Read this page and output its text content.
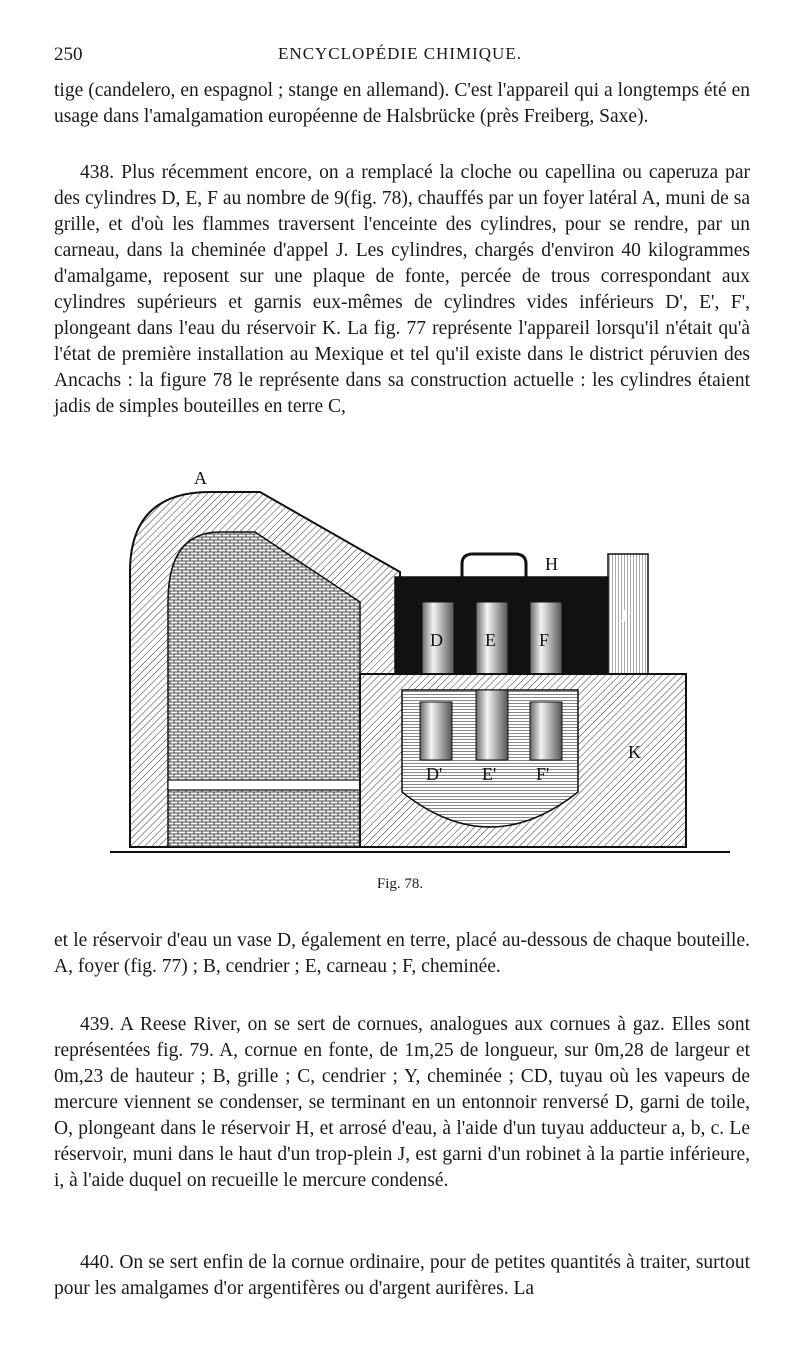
250	ENCYCLOPÉDIE CHIMIQUE.

tige (candelero, en espagnol ; stange en allemand). C'est l'appareil qui a longtemps été en usage dans l'amalgamation européenne de Halsbrücke (près Freiberg, Saxe).

438. Plus récemment encore, on a remplacé la cloche ou capellina ou caperuza par des cylindres D, E, F au nombre de 9(fig. 78), chauffés par un foyer latéral A, muni de sa grille, et d'où les flammes traversent l'enceinte des cylindres, pour se rendre, par un carneau, dans la cheminée d'appel J. Les cylindres, chargés d'environ 40 kilogrammes d'amalgame, reposent sur une plaque de fonte, percée de trous correspondant aux cylindres supérieurs et garnis eux-mêmes de cylindres vides inférieurs D', E', F', plongeant dans l'eau du réservoir K. La fig. 77 représente l'appareil lorsqu'il n'était qu'à l'état de première installation au Mexique et tel qu'il existe dans le district péruvien des Ancachs : la figure 78 le représente dans sa construction actuelle : les cylindres étaient jadis de simples bouteilles en terre C,

A
H
J
K
D E F
D' E' F'
Fig. 78.

et le réservoir d'eau un vase D, également en terre, placé au-dessous de chaque bouteille. A, foyer (fig. 77) ; B, cendrier ; E, carneau ; F, cheminée.

439. A Reese River, on se sert de cornues, analogues aux cornues à gaz. Elles sont représentées fig. 79. A, cornue en fonte, de 1m,25 de longueur, sur 0m,28 de largeur et 0m,23 de hauteur ; B, grille ; C, cendrier ; Y, cheminée ; CD, tuyau où les vapeurs de mercure viennent se condenser, se terminant en un entonnoir renversé D, garni de toile, O, plongeant dans le réservoir H, et arrosé d'eau, à l'aide d'un tuyau adducteur a, b, c. Le réservoir, muni dans le haut d'un trop-plein J, est garni d'un robinet à la partie inférieure, i, à l'aide duquel on recueille le mercure condensé.

440. On se sert enfin de la cornue ordinaire, pour de petites quantités à traiter, surtout pour les amalgames d'or argentifères ou d'argent aurifères. La
